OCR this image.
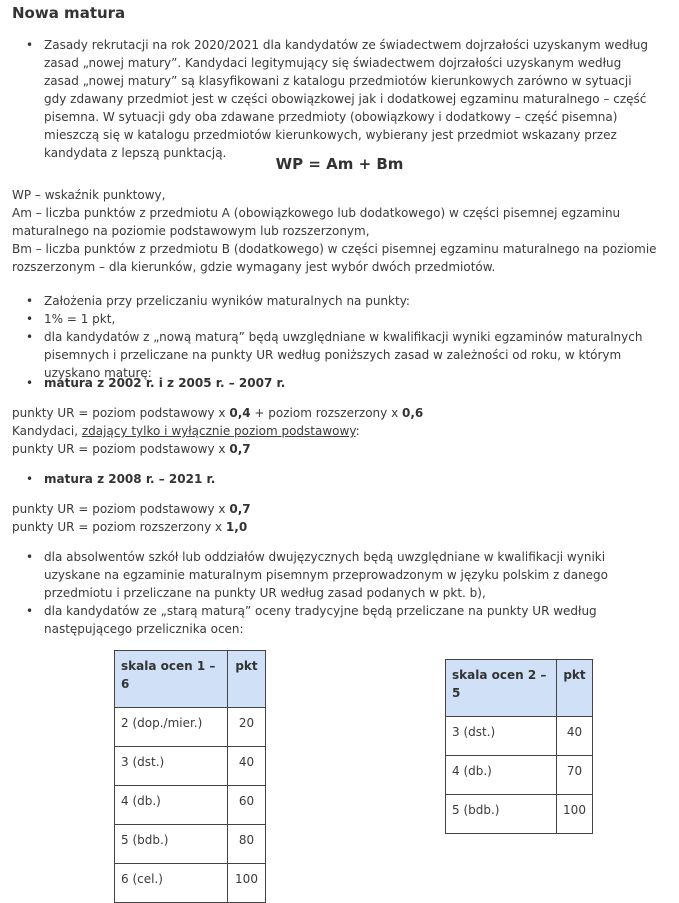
Nowa matura
• Zasady rekrutacji na rok 2020/2021 dla kandydatów ze świadectwem dojrzałości uzyskanym według zasad „nowej matury”. Kandydaci legitymujący się świadectwem dojrzałości uzyskanym według zasad „nowej matury” są klasyfikowani z katalogu przedmiotów kierunkowych zarówno w sytuacji gdy zdawany przedmiot jest w części obowiązkowej jak i dodatkowej egzaminu maturalnego – część pisemna. W sytuacji gdy oba zdawane przedmioty (obowiązkowy i dodatkowy – część pisemna) mieszczą się w katalogu przedmiotów kierunkowych, wybierany jest przedmiot wskazany przez kandydata z lepszą punktacją.
WP = Am + Bm
WP – wskaźnik punktowy,
Am – liczba punktów z przedmiotu A (obowiązkowego lub dodatkowego) w części pisemnej egzaminu maturalnego na poziomie podstawowym lub rozszerzonym,
Bm – liczba punktów z przedmiotu B (dodatkowego) w części pisemnej egzaminu maturalnego na poziomie rozszerzonym – dla kierunków, gdzie wymagany jest wybór dwóch przedmiotów.
• Założenia przy przeliczaniu wyników maturalnych na punkty:
• 1% = 1 pkt,
• dla kandydatów z „nową maturą” będą uwzględniane w kwalifikacji wyniki egzaminów maturalnych pisemnych i przeliczane na punkty UR według poniższych zasad w zależności od roku, w którym uzyskano maturę:
• matura z 2002 r. i z 2005 r. – 2007 r.
punkty UR = poziom podstawowy x 0,4 + poziom rozszerzony x 0,6
Kandydaci, zdający tylko i wyłącznie poziom podstawowy:
punkty UR = poziom podstawowy x 0,7
• matura z 2008 r. – 2021 r.
punkty UR = poziom podstawowy x 0,7
punkty UR = poziom rozszerzony x 1,0
• dla absolwentów szkół lub oddziałów dwujęzycznych będą uwzględniane w kwalifikacji wyniki uzyskane na egzaminie maturalnym pisemnym przeprowadzonym w języku polskim z danego przedmiotu i przeliczane na punkty UR według zasad podanych w pkt. b),
• dla kandydatów ze „starą maturą” oceny tradycyjne będą przeliczane na punkty UR według następującego przelicznika ocen:
skala ocen 1 – 6	pkt
2 (dop./mier.)	20
3 (dst.)	40
4 (db.)	60
5 (bdb.)	80
6 (cel.)	100
skala ocen 2 – 5	pkt
3 (dst.)	40
4 (db.)	70
5 (bdb.)	100
